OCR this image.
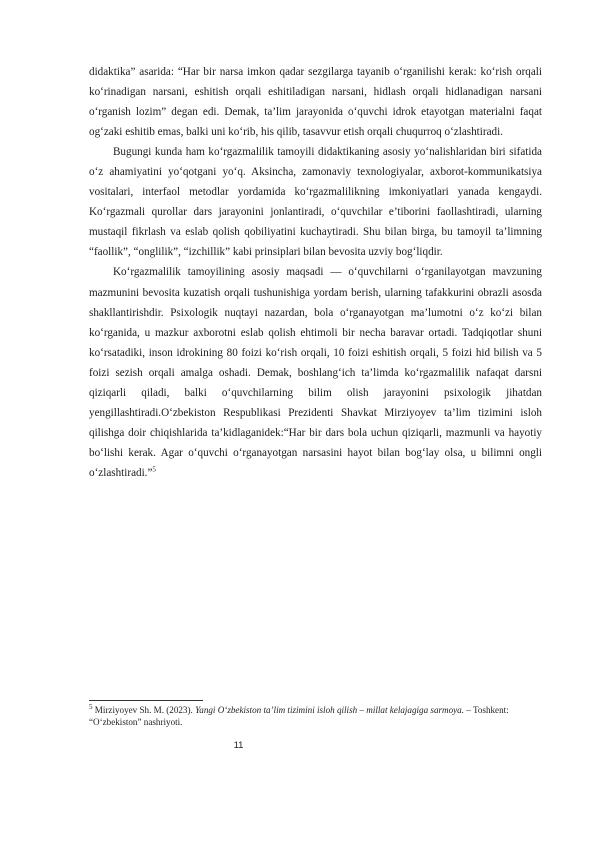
didaktika” asarida: “Har bir narsa imkon qadar sezgilarga tayanib o‘rganilishi kerak: ko‘rish orqali ko‘rinadigan narsani, eshitish orqali eshitiladigan narsani, hidlash orqali hidlanadigan narsani o‘rganish lozim” degan edi. Demak, ta’lim jarayonida o‘quvchi idrok etayotgan materialni faqat og‘zaki eshitib emas, balki uni ko‘rib, his qilib, tasavvur etish orqali chuqurroq o‘zlashtiradi.

Bugungi kunda ham ko‘rgazmalilik tamoyili didaktikaning asosiy yo‘nalishlaridan biri sifatida o‘z ahamiyatini yo‘qotgani yo‘q. Aksincha, zamonaviy texnologiyalar, axborot-kommunikatsiya vositalari, interfaol metodlar yordamida ko‘rgazmalilikning imkoniyatlari yanada kengaydi. Ko‘rgazmali qurollar dars jarayonini jonlantiradi, o‘quvchilar e’tiborini faollashtiradi, ularning mustaqil fikrlash va eslab qolish qobiliyatini kuchaytiradi. Shu bilan birga, bu tamoyil ta’limning “faollik”, “onglilik”, “izchillik” kabi prinsiplari bilan bevosita uzviy bog‘liqdir.

Ko‘rgazmalilik tamoyilining asosiy maqsadi — o‘quvchilarni o‘rganilayotgan mavzuning mazmunini bevosita kuzatish orqali tushunishiga yordam berish, ularning tafakkurini obrazli asosda shakllantirishdir. Psixologik nuqtayi nazardan, bola o‘rganayotgan ma’lumotni o‘z ko‘zi bilan ko‘rganida, u mazkur axborotni eslab qolish ehtimoli bir necha baravar ortadi. Tadqiqotlar shuni ko‘rsatadiki, inson idrokining 80 foizi ko‘rish orqali, 10 foizi eshitish orqali, 5 foizi hid bilish va 5 foizi sezish orqali amalga oshadi. Demak, boshlang‘ich ta’limda ko‘rgazmalilik nafaqat darsni qiziqarli qiladi, balki o‘quvchilarning bilim olish jarayonini psixologik jihatdan yengillashtiradi.O‘zbekiston Respublikasi Prezidenti Shavkat Mirziyoyev ta’lim tizimini isloh qilishga doir chiqishlarida ta’kidlaganidek:“Har bir dars bola uchun qiziqarli, mazmunli va hayotiy bo‘lishi kerak. Agar o‘quvchi o‘rganayotgan narsasini hayot bilan bog‘lay olsa, u bilimni ongli o‘zlashtiradi.”$^5$

$^5$ Mirziyoyev Sh. M. (2023). Yangi O‘zbekiston ta’lim tizimini isloh qilish – millat kelajagiga sarmoya. – Toshkent: “O‘zbekiston” nashriyoti.
11
